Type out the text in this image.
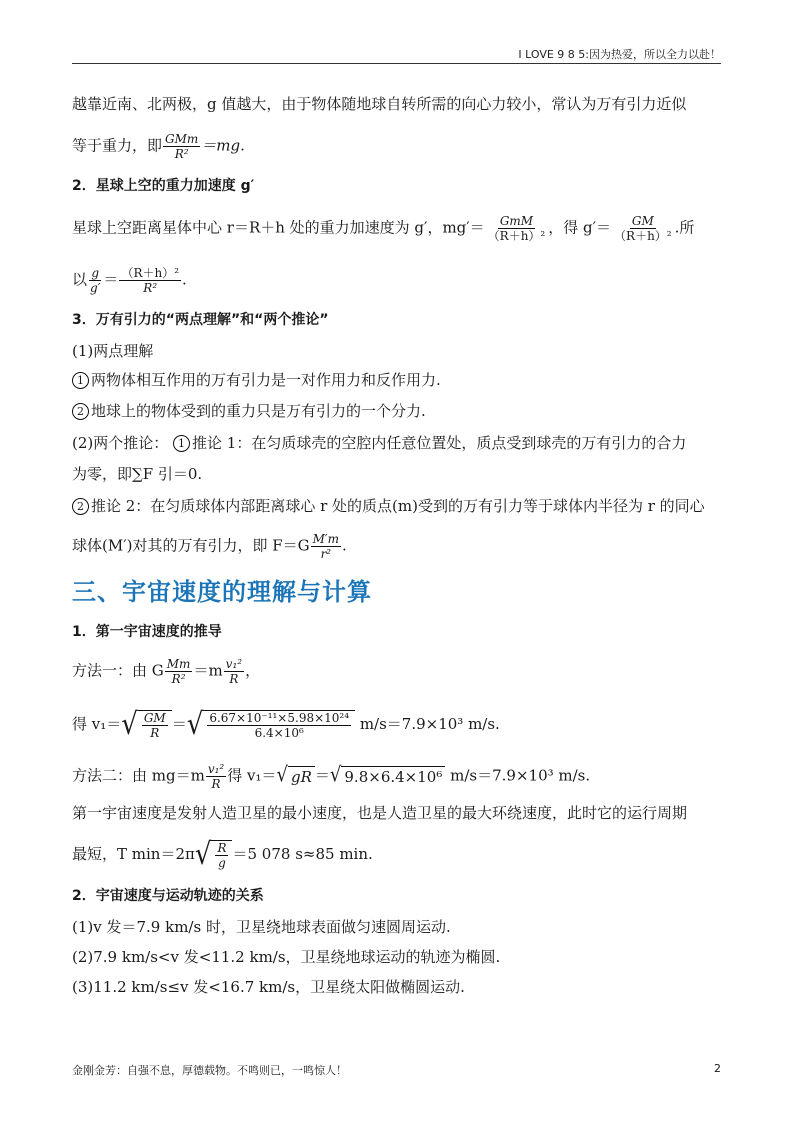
I LOVE 9 8 5:因为热爱，所以全力以赴！
越靠近南、北两极，g 值越大，由于物体随地球自转所需的向心力较小，常认为万有引力近似
等于重力，即 $\frac{\text{GMm}}{\text{R²}} =mg$.
2．星球上空的重力加速度 g′
星球上空距离星体中心 r＝R＋h 处的重力加速度为 g′，$mg'= \frac{\text{GmM}}{\text{（R＋h）²}}$ ，得 $g'= \frac{GM}{\text{（R＋h）²}}$ .所
以 $\frac{g}{g'} = \frac{\text{（R＋h）²}}{\text{R²}}$ .
3．万有引力的“两点理解”和“两个推论”
(1)两点理解
1 两物体相互作用的万有引力是一对作用力和反作用力.
2 地球上的物体受到的重力只是万有引力的一个分力.
(2)两个推论： 1 推论 1：在匀质球壳的空腔内任意位置处，质点受到球壳的万有引力的合力
为零，即∑F 引＝0.
2 推论 2：在匀质球体内部距离球心 r 处的质点(m)受到的万有引力等于球体内半径为 r 的同心
球体(M′)对其的万有引力，即 $F=G \frac{M'm}{\text{r²}}$ .
三、宇宙速度的理解与计算
1．第一宇宙速度的推导
方法一：由 G $\frac{Mm}{\text{R²}} =m \frac{\text{v₁²}}{R}$ ，
得 v₁＝ √ $\frac{GM}{R}$ ＝ √ $\frac{\text{6.67×10⁻¹¹×5.98×10²⁴}}{\text{6.4×10⁶}} m/s=7.9\times 10^3$ m/s.
方法二：由 $mg=m \frac{\text{v₁²}}{R}$ 得 v₁＝ √ gR ＝ √ 9.8×6.4×10⁶ m/s＝7.9×10³ m/s.
第一宇宙速度是发射人造卫星的最小速度，也是人造卫星的最大环绕速度，此时它的运行周期
最短，T min＝2π √ $\frac{R}{g} =5$ 078 s≈85 min.
2．宇宙速度与运动轨迹的关系
(1)v 发＝7.9 km/s 时，卫星绕地球表面做匀速圆周运动.
(2)7.9 km/s<v 发<11.2 km/s，卫星绕地球运动的轨迹为椭圆.
(3)11.2 km/s≤v 发<16.7 km/s，卫星绕太阳做椭圆运动.
金刚金芳：自强不息，厚德载物。不鸣则已，一鸣惊人！	2
